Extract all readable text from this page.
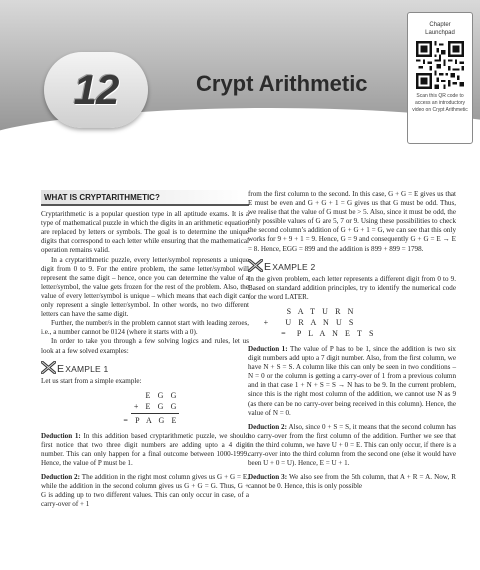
12	Crypt Arithmetic
Chapter
Launchpad
Scan this QR code to access an introductory video on Crypt Arithmetic
WHAT IS CRYPTARITHMETIC?

Cryptarithmetic is a popular question type in all aptitude exams. It is a type of mathematical puzzle in which the digits in an arithmetic equation are replaced by letters or symbols. The goal is to determine the unique digits that correspond to each letter while ensuring that the mathematical operation remains valid.

In a cryptarithmetic puzzle, every letter/symbol represents a unique digit from 0 to 9. For the entire problem, the same letter/symbol will represent the same digit – hence, once you can determine the value of a letter/symbol, the value gets frozen for the rest of the problem. Also, the value of every letter/symbol is unique – which means that each digit can only represent a single letter/symbol. In other words, no two different letters can have the same digit.

Further, the number/s in the problem cannot start with leading zeroes, i.e., a number cannot be 0124 (where it starts with a 0).

In order to take you through a few solving logics and rules, let us look at a few solved examples:

E XAMPLE 1

Let us start from a simple example:

E G G
+ E G G
= P A G E

Deduction 1: In this addition based cryptarithmetic puzzle, we should first notice that two three digit numbers are adding upto a 4 digit number. This can only happen for a final outcome between 1000-1999. Hence, the value of P must be 1.

Deduction 2: The addition in the right most column gives us G + G = E, while the addition in the second column gives us G + G = G. Thus, G + G is adding up to two different values. This can only occur in case, of a carry-over of + 1

from the first column to the second. In this case, G + G = E gives us that E must be even and G + G + 1 = G gives us that G must be odd. Thus, we realise that the value of G must be > 5. Also, since it must be odd, the only possible values of G are 5, 7 or 9. Using these possibilities to check the second column’s addition of G + G + 1 = G, we can see that this only works for 9 + 9 + 1 = 9. Hence, G = 9 and consequently G + G = E → E = 8. Hence, EGG = 899 and the addition is 899 + 899 = 1798.

E XAMPLE 2

In the given problem, each letter represents a different digit from 0 to 9. Based on standard addition principles, try to identify the numerical code for the word LATER.

S A T U R N
+ U R A N U S
= P L A N E T S

Deduction 1: The value of P has to be 1, since the addition is two six digit numbers add upto a 7 digit number. Also, from the first column, we have N + S = S. A column like this can only be seen in two conditions – N = 0 or the column is getting a carry-over of 1 from a previous column and in that case 1 + N + S = S → N has to be 9. In the current problem, since this is the right most column of the addition, we cannot use N as 9 (as there can be no carry-over being received in this column). Hence, the value of N = 0.

Deduction 2: Also, since 0 + S = S, it means that the second column has no carry-over from the first column of the addition. Further we see that in the third column, we have U + 0 = E. This can only occur, if there is a carry-over into the third column from the second one (else it would have been U + 0 = U). Hence, E = U + 1.

Deduction 3: We also see from the 5th column, that A + R = A. Now, R cannot be 0. Hence, this is only possible
